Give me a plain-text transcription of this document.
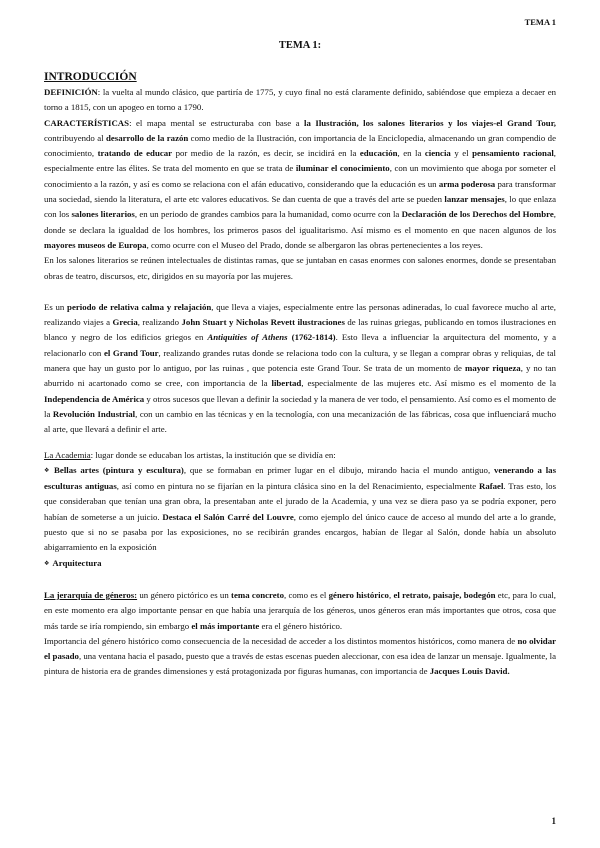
TEMA 1
TEMA 1:
INTRODUCCIÓN

DEFINICIÓN: la vuelta al mundo clásico, que partiría de 1775, y cuyo final no está claramente definido, sabiéndose que empieza a decaer en torno a 1815, con un apogeo en torno a 1790.

CARACTERÍSTICAS: el mapa mental se estructuraba con base a la Ilustración, los salones literarios y los viajes-el Grand Tour, contribuyendo al desarrollo de la razón como medio de la Ilustración, con importancia de la Enciclopedia, almacenando un gran compendio de conocimiento, tratando de educar por medio de la razón, es decir, se incidirá en la educación, en la ciencia y el pensamiento racional, especialmente entre las élites. Se trata del momento en que se trata de iluminar el conocimiento, con un movimiento que aboga por someter el conocimiento a la razón, y así es como se relaciona con el afán educativo, considerando que la educación es un arma poderosa para transformar una sociedad, siendo la literatura, el arte etc valores educativos. Se dan cuenta de que a través del arte se pueden lanzar mensajes, lo que enlaza con los salones literarios, en un periodo de grandes cambios para la humanidad, como ocurre con la Declaración de los Derechos del Hombre, donde se declara la igualdad de los hombres, los primeros pasos del igualitarismo. Así mismo es el momento en que nacen algunos de los mayores museos de Europa, como ocurre con el Museo del Prado, donde se albergaron las obras pertenecientes a los reyes.

En los salones literarios se reúnen intelectuales de distintas ramas, que se juntaban en casas enormes con salones enormes, donde se presentaban obras de teatro, discursos, etc, dirigidos en su mayoría por las mujeres.

Es un periodo de relativa calma y relajación, que lleva a viajes, especialmente entre las personas adineradas, lo cual favorece mucho al arte, realizando viajes a Grecia, realizando John Stuart y Nicholas Revett ilustraciones de las ruinas griegas, publicando en tomos ilustraciones en blanco y negro de los edificios griegos en Antiquities of Athens (1762-1814). Esto lleva a influenciar la arquitectura del momento, y a relacionarlo con el Grand Tour, realizando grandes rutas donde se relaciona todo con la cultura, y se llegan a comprar obras y reliquias, de tal manera que hay un gusto por lo antiguo, por las ruinas , que potencia este Grand Tour. Se trata de un momento de mayor riqueza, y no tan aburrido ni acartonado como se cree, con importancia de la libertad, especialmente de las mujeres etc. Así mismo es el momento de la Independencia de América y otros sucesos que llevan a definir la sociedad y la manera de ver todo, el pensamiento. Así como es el momento de la Revolución Industrial, con un cambio en las técnicas y en la tecnología, con una mecanización de las fábricas, cosa que influenciará mucho al arte, que llevará a definir el arte.

La Academia: lugar donde se educaban los artistas, la institución que se dividía en:

❖ Bellas artes (pintura y escultura), que se formaban en primer lugar en el dibujo, mirando hacia el mundo antiguo, venerando a las esculturas antiguas, así como en pintura no se fijarían en la pintura clásica sino en la del Renacimiento, especialmente Rafael. Tras esto, los que consideraban que tenían una gran obra, la presentaban ante el jurado de la Academia, y una vez se diera paso ya se podría exponer, pero habían de someterse a un juicio. Destaca el Salón Carré del Louvre, como ejemplo del único cauce de acceso al mundo del arte a lo grande, puesto que si no se pasaba por las exposiciones, no se recibirán grandes encargos, habían de llegar al Salón, donde había un absoluto abigarramiento en la exposición

❖ Arquitectura

La jerarquía de géneros: un género pictórico es un tema concreto, como es el género histórico, el retrato, paisaje, bodegón etc, para lo cual, en este momento era algo importante pensar en que había una jerarquía de los géneros, unos géneros eran más importantes que otros, cosa que más tarde se iría rompiendo, sin embargo el más importante era el género histórico.

Importancia del género histórico como consecuencia de la necesidad de acceder a los distintos momentos históricos, como manera de no olvidar el pasado, una ventana hacia el pasado, puesto que a través de estas escenas pueden aleccionar, con esa idea de lanzar un mensaje. Igualmente, la pintura de historia era de grandes dimensiones y está protagonizada por figuras humanas, con importancia de Jacques Louis David.

1
